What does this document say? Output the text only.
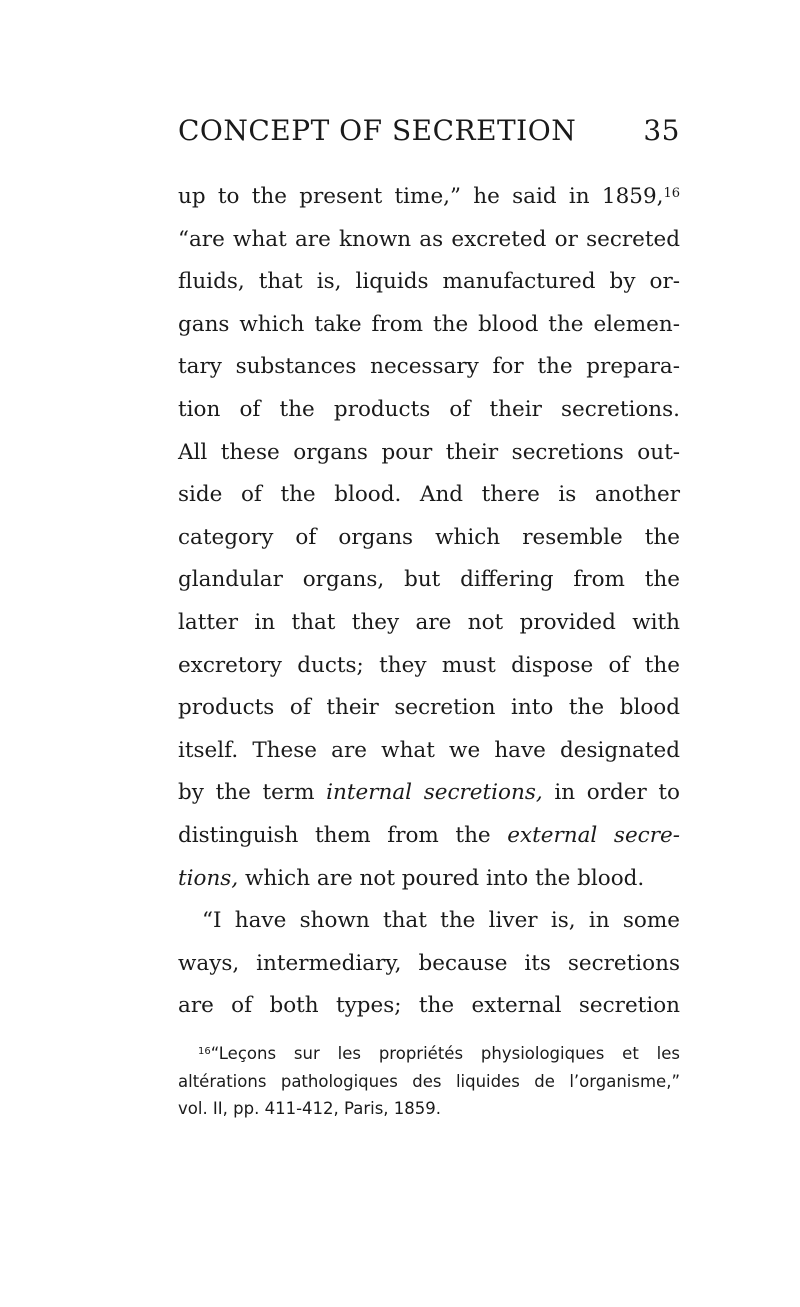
CONCEPT OF SECRETION 35
up to the present time,” he said in 1859,16
“are what are known as excreted or secreted
fluids, that is, liquids manufactured by or-
gans which take from the blood the elemen-
tary substances necessary for the prepara-
tion of the products of their secretions.
All these organs pour their secretions out-
side of the blood. And there is another
category of organs which resemble the
glandular organs, but differing from the
latter in that they are not provided with
excretory ducts; they must dispose of the
products of their secretion into the blood
itself. These are what we have designated
by the term internal secretions, in order to
distinguish them from the external secre-
tions, which are not poured into the blood.
“I have shown that the liver is, in some
ways, intermediary, because its secretions
are of both types; the external secretion
$^{16}$“Leçons sur les propriétés physiologiques et les
altérations pathologiques des liquides de l’organisme,”
vol. II, pp. 411-412, Paris, 1859.
